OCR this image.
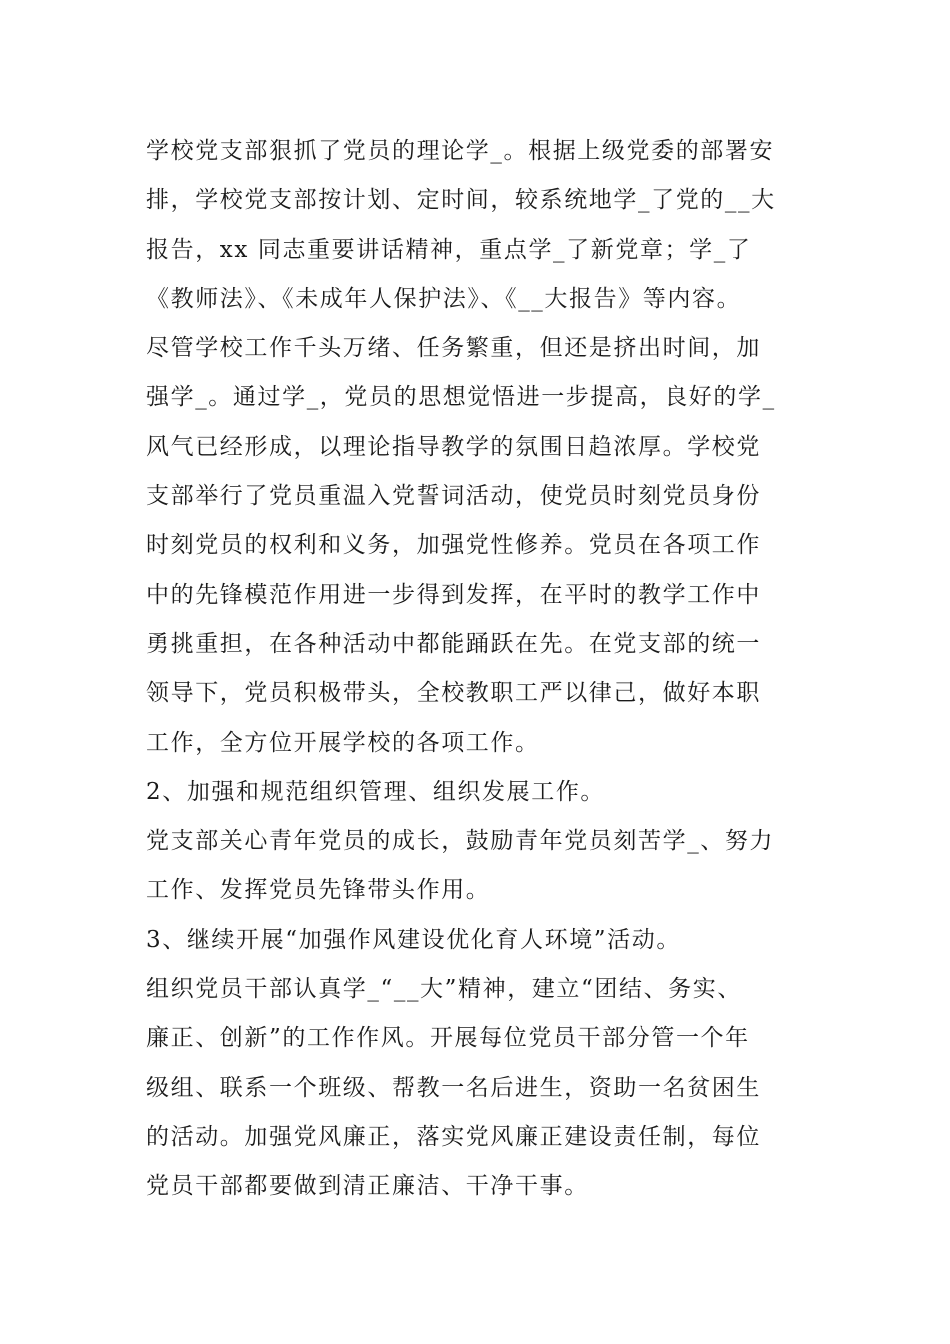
学校党支部狠抓了党员的理论学_。根据上级党委的部署安
排，学校党支部按计划、定时间，较系统地学_了党的__大
报告，xx 同志重要讲话精神，重点学_了新党章；学_了
《教师法》、《未成年人保护法》、《__大报告》等内容。
尽管学校工作千头万绪、任务繁重，但还是挤出时间，加
强学_。通过学_，党员的思想觉悟进一步提高，良好的学_
风气已经形成，以理论指导教学的氛围日趋浓厚。学校党
支部举行了党员重温入党誓词活动，使党员时刻党员身份
时刻党员的权利和义务，加强党性修养。党员在各项工作
中的先锋模范作用进一步得到发挥，在平时的教学工作中
勇挑重担，在各种活动中都能踊跃在先。在党支部的统一
领导下，党员积极带头，全校教职工严以律己，做好本职
工作，全方位开展学校的各项工作。
2、加强和规范组织管理、组织发展工作。
党支部关心青年党员的成长，鼓励青年党员刻苦学_、努力
工作、发挥党员先锋带头作用。
3、继续开展“加强作风建设优化育人环境”活动。
组织党员干部认真学_“__大”精神，建立“团结、务实、
廉正、创新”的工作作风。开展每位党员干部分管一个年
级组、联系一个班级、帮教一名后进生，资助一名贫困生
的活动。加强党风廉正，落实党风廉正建设责任制，每位
党员干部都要做到清正廉洁、干净干事。
